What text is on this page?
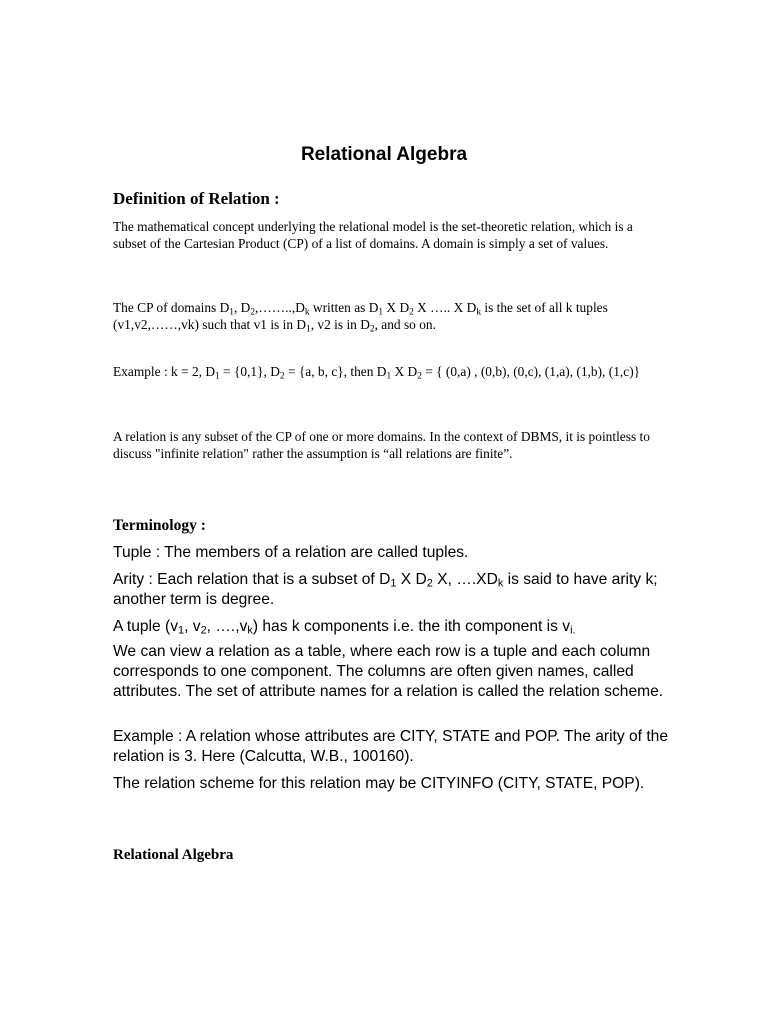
Relational Algebra
Definition of Relation :
The mathematical concept underlying the relational model is the set-theoretic relation, which is a subset of the Cartesian Product (CP) of a list of domains. A domain is simply a set of values.
The CP of domains $D_1$, $D_2,\dots\dots..,D_k$ written as $D_1$ X $D_2$ X ….. X $D_k$ is the set of all k tuples (v1,v2,……,vk) such that v1 is in $D_1$, v2 is in $D_2$, and so on.
Example : k = 2, $D_1 = \{0,1\}$, $D_2 = \{a$, b, c}, then $D_1$ X $D_2$ = { (0,a) , (0,b), (0,c), (1,a), (1,b), (1,c)}
A relation is any subset of the CP of one or more domains. In the context of DBMS, it is pointless to discuss "infinite relation" rather the assumption is “all relations are finite”.
Terminology :
Tuple : The members of a relation are called tuples.
Arity : Each relation that is a subset of $D_1$ X $D_2$ X, $\dots.XD_k$ is said to have arity k; another term is degree.
A tuple ($v_1$, $v_2$, $\dots.,v_k$) has k components i.e. the ith component is $v_{i.}$
We can view a relation as a table, where each row is a tuple and each column corresponds to one component. The columns are often given names, called attributes. The set of attribute names for a relation is called the relation scheme.
Example : A relation whose attributes are CITY, STATE and POP. The arity of the relation is 3. Here (Calcutta, W.B., 100160).
The relation scheme for this relation may be CITYINFO (CITY, STATE, POP).
Relational Algebra
